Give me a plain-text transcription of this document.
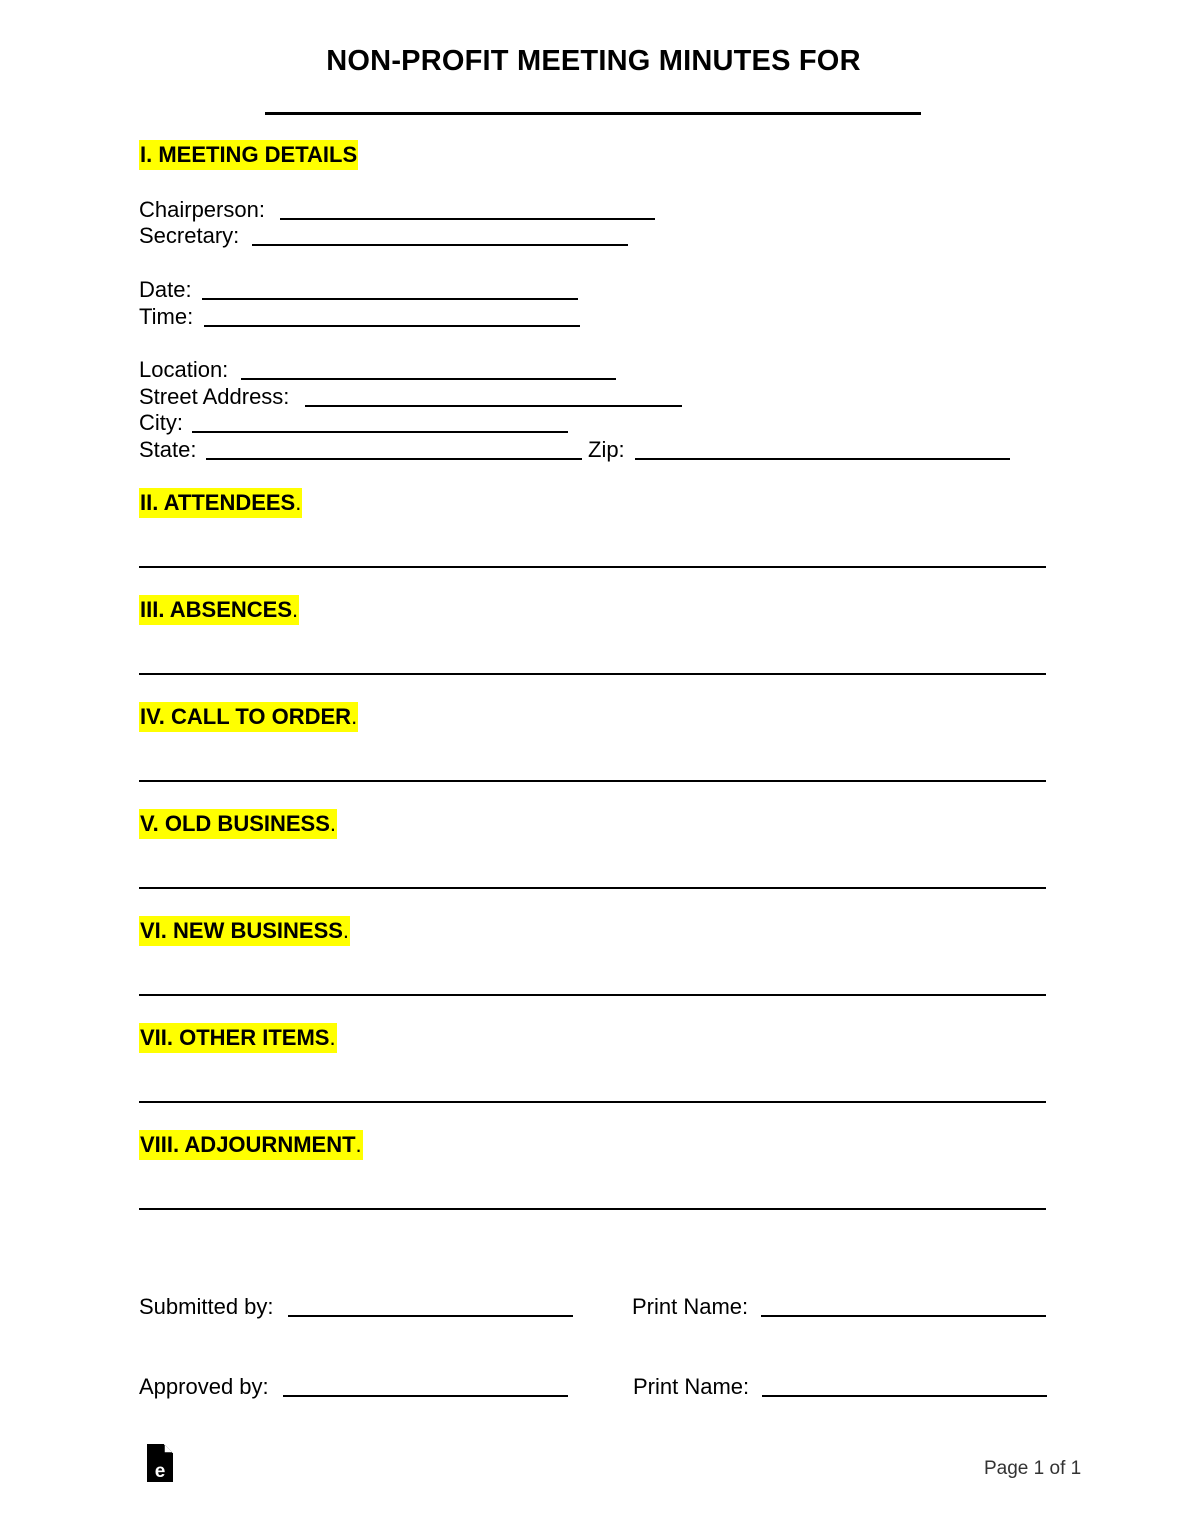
NON-PROFIT MEETING MINUTES FOR
I. MEETING DETAILS
Chairperson:
Secretary:
Date:
Time:
Location:
Street Address:
City:
State:	Zip:
II. ATTENDEES.
III. ABSENCES.
IV. CALL TO ORDER.
V. OLD BUSINESS.
VI. NEW BUSINESS.
VII. OTHER ITEMS.
VIII. ADJOURNMENT.
Submitted by:	Print Name:
Approved by:	Print Name:
e	Page 1 of 1
